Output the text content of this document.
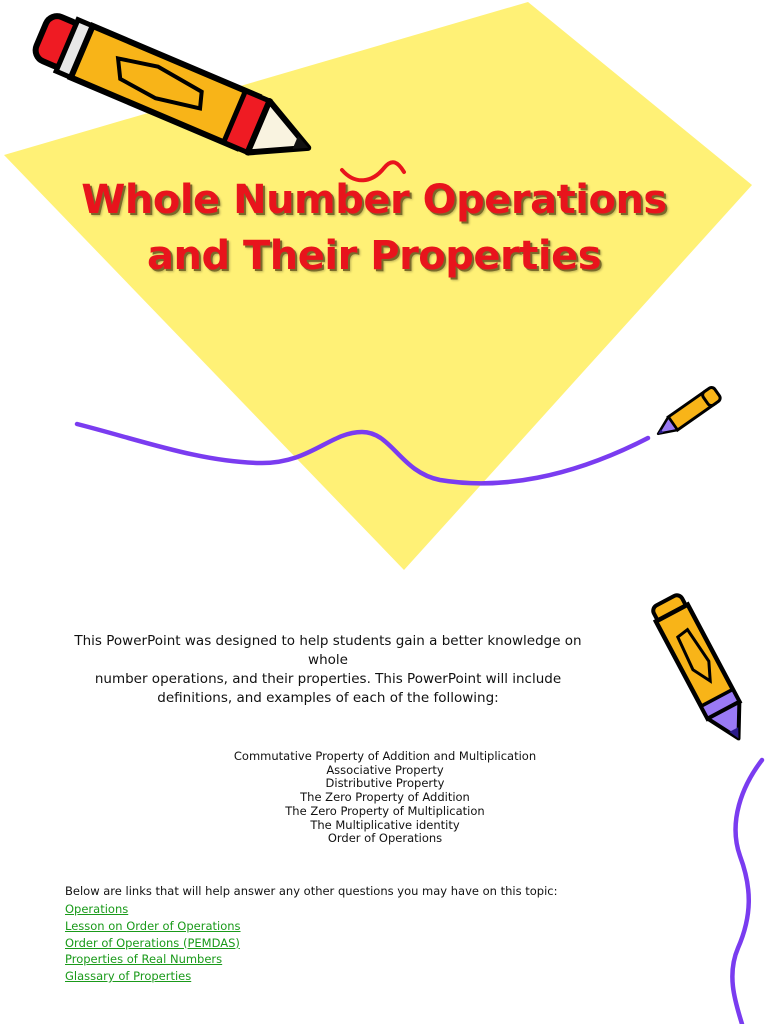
Whole Number Operations
and Their Properties

This PowerPoint was designed to help students gain a better knowledge on whole
number operations, and their properties. This PowerPoint will include
definitions, and examples of each of the following:

Commutative Property of Addition and Multiplication
Associative Property
Distributive Property
The Zero Property of Addition
The Zero Property of Multiplication
The Multiplicative identity
Order of Operations

Below are links that will help answer any other questions you may have on this topic:

Operations
Lesson on Order of Operations
Order of Operations (PEMDAS)
Properties of Real Numbers
Glassary of Properties
